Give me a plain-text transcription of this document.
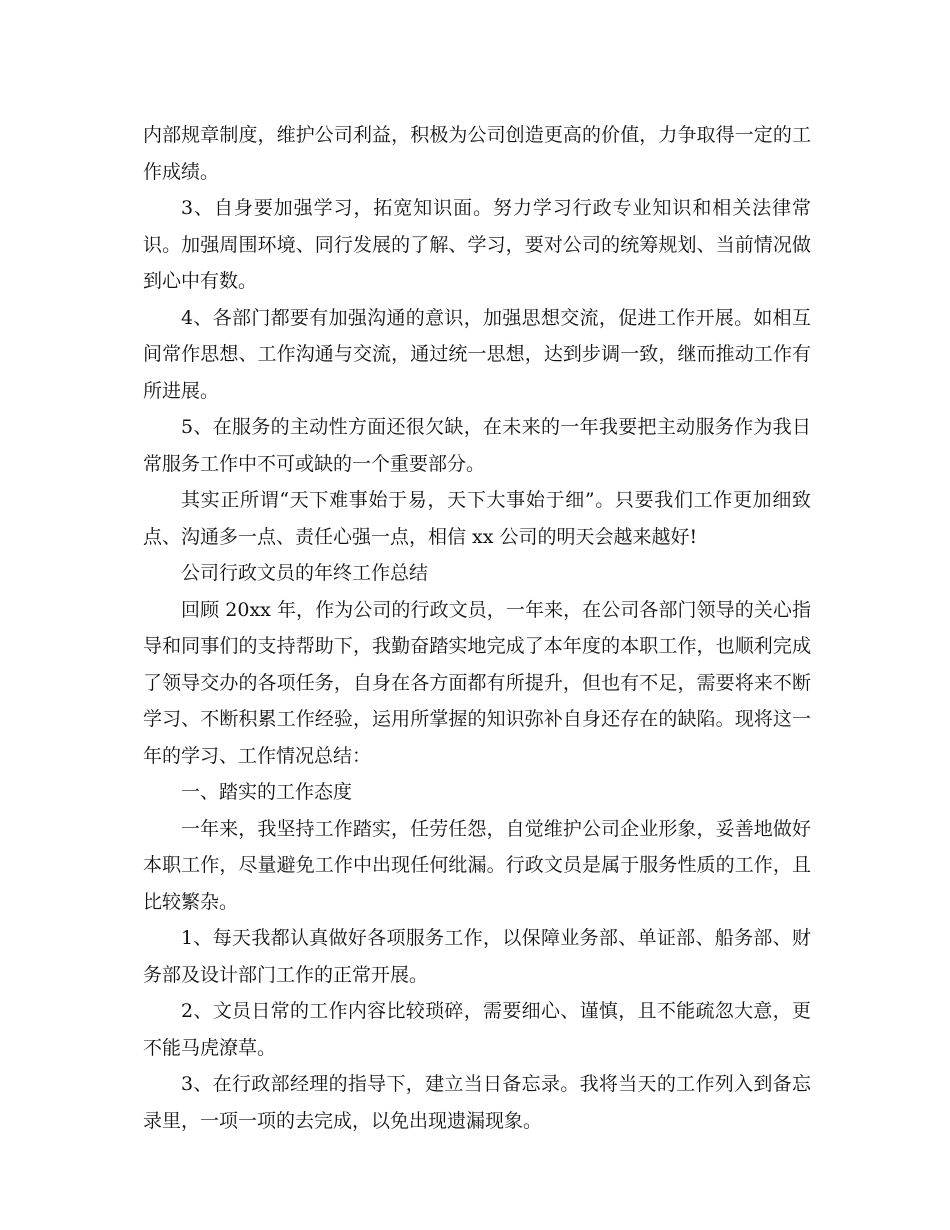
内部规章制度，维护公司利益，积极为公司创造更高的价值，力争取得一定的工作成绩。

3、自身要加强学习，拓宽知识面。努力学习行政专业知识和相关法律常识。加强周围环境、同行发展的了解、学习，要对公司的统筹规划、当前情况做到心中有数。

4、各部门都要有加强沟通的意识，加强思想交流，促进工作开展。如相互间常作思想、工作沟通与交流，通过统一思想，达到步调一致，继而推动工作有所进展。

5、在服务的主动性方面还很欠缺，在未来的一年我要把主动服务作为我日常服务工作中不可或缺的一个重要部分。

其实正所谓“天下难事始于易，天下大事始于细”。只要我们工作更加细致点、沟通多一点、责任心强一点，相信 xx 公司的明天会越来越好!

公司行政文员的年终工作总结

回顾 20xx 年，作为公司的行政文员，一年来，在公司各部门领导的关心指导和同事们的支持帮助下，我勤奋踏实地完成了本年度的本职工作，也顺利完成了领导交办的各项任务，自身在各方面都有所提升，但也有不足，需要将来不断学习、不断积累工作经验，运用所掌握的知识弥补自身还存在的缺陷。现将这一年的学习、工作情况总结：

一、踏实的工作态度

一年来，我坚持工作踏实，任劳任怨，自觉维护公司企业形象，妥善地做好本职工作，尽量避免工作中出现任何纰漏。行政文员是属于服务性质的工作，且比较繁杂。

1、每天我都认真做好各项服务工作，以保障业务部、单证部、船务部、财务部及设计部门工作的正常开展。

2、文员日常的工作内容比较琐碎，需要细心、谨慎，且不能疏忽大意，更不能马虎潦草。

3、在行政部经理的指导下，建立当日备忘录。我将当天的工作列入到备忘录里，一项一项的去完成，以免出现遗漏现象。
